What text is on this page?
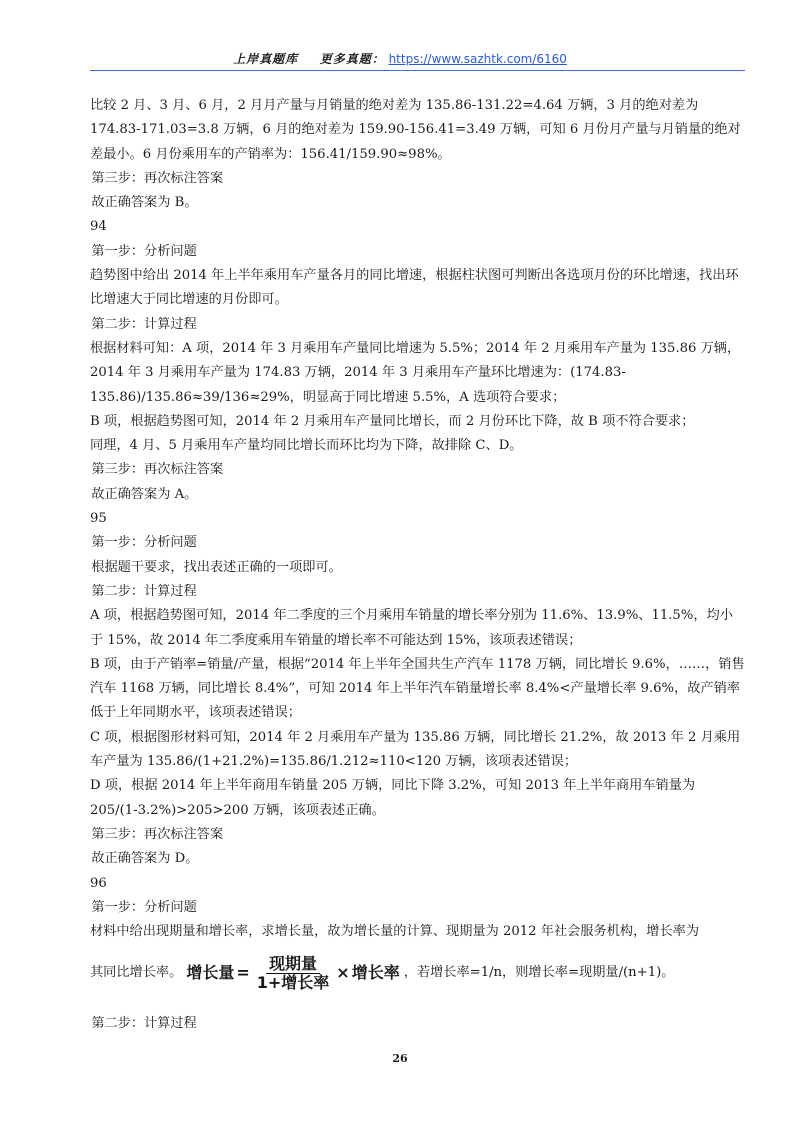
上岸真题库 更多真题： https://www.sazhtk.com/6160

比较 2 月、3 月、6 月，2 月月产量与月销量的绝对差为 135.86-131.22=4.64 万辆，3 月的绝对差为 174.83-171.03=3.8 万辆，6 月的绝对差为 159.90-156.41=3.49 万辆，可知 6 月份月产量与月销量的绝对差最小。6 月份乘用车的产销率为：156.41/159.90≈98%。

第三步：再次标注答案

故正确答案为 B。

94

第一步：分析问题

趋势图中给出 2014 年上半年乘用车产量各月的同比增速，根据柱状图可判断出各选项月份的环比增速，找出环比增速大于同比增速的月份即可。

第二步：计算过程

根据材料可知：A 项，2014 年 3 月乘用车产量同比增速为 5.5%；2014 年 2 月乘用车产量为 135.86 万辆，2014 年 3 月乘用车产量为 174.83 万辆，2014 年 3 月乘用车产量环比增速为：(174.83-135.86)/135.86≈39/136≈29%，明显高于同比增速 5.5%，A 选项符合要求；

B 项，根据趋势图可知，2014 年 2 月乘用车产量同比增长，而 2 月份环比下降，故 B 项不符合要求；

同理，4 月、5 月乘用车产量均同比增长而环比均为下降，故排除 C、D。

第三步：再次标注答案

故正确答案为 A。

95

第一步：分析问题

根据题干要求，找出表述正确的一项即可。

第二步：计算过程

A 项，根据趋势图可知，2014 年二季度的三个月乘用车销量的增长率分别为 11.6%、13.9%、11.5%，均小于 15%，故 2014 年二季度乘用车销量的增长率不可能达到 15%，该项表述错误；

B 项，由于产销率=销量/产量，根据“2014 年上半年全国共生产汽车 1178 万辆，同比增长 9.6%，……，销售汽车 1168 万辆，同比增长 8.4%”，可知 2014 年上半年汽车销量增长率 8.4%<产量增长率 9.6%，故产销率低于上年同期水平，该项表述错误；

C 项，根据图形材料可知，2014 年 2 月乘用车产量为 135.86 万辆，同比增长 21.2%，故 2013 年 2 月乘用车产量为 135.86/(1+21.2%)=135.86/1.212≈110<120 万辆，该项表述错误；

D 项，根据 2014 年上半年商用车销量 205 万辆，同比下降 3.2%，可知 2013 年上半年商用车销量为 205/(1-3.2%)>205>200 万辆，该项表述正确。

第三步：再次标注答案

故正确答案为 D。

96

第一步：分析问题

材料中给出现期量和增长率，求增长量，故为增长量的计算、现期量为 2012 年社会服务机构，增长率为

其同比增长率。 增长量 = $\frac{\text{现期量}}{\text{1+增长率}}$ × 增长率 ，若增长率=1/n，则增长率=现期量/(n+1)。

第二步：计算过程

26
